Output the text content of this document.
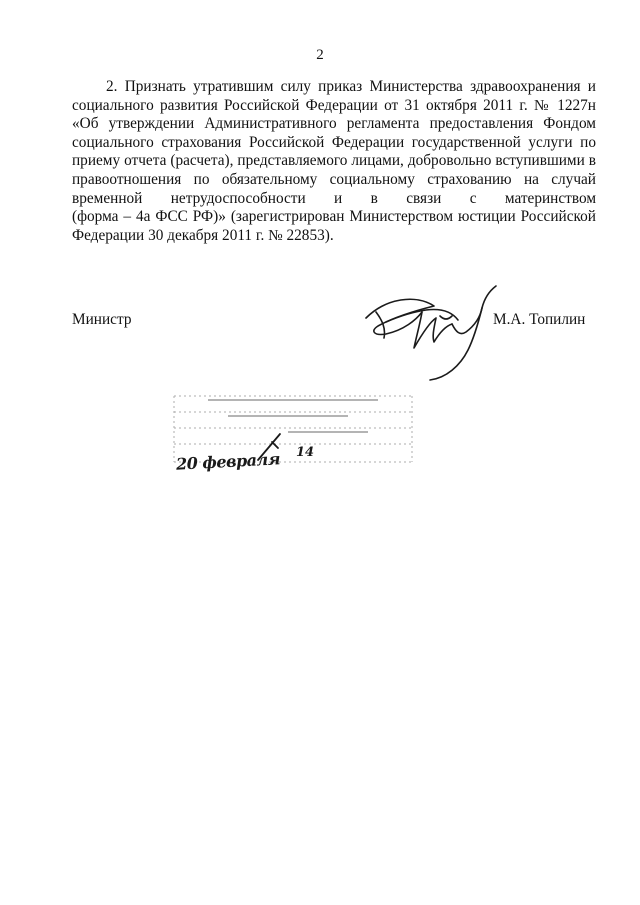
2

2. Признать утратившим силу приказ Министерства здравоохранения и
социального развития Российской Федерации от 31 октября 2011 г. № 1227н
«Об утверждении Административного регламента предоставления Фондом
социального страхования Российской Федерации государственной услуги по
приему отчета (расчета), представляемого лицами, добровольно вступившими в
правоотношения по обязательному социальному страхованию на случай
временной нетрудоспособности и в связи с материнством
(форма – 4а ФСС РФ)» (зарегистрирован Министерством юстиции Российской
Федерации 30 декабря 2011 г. № 22853).

Министр	М.А. Топилин
20 февраля 14
